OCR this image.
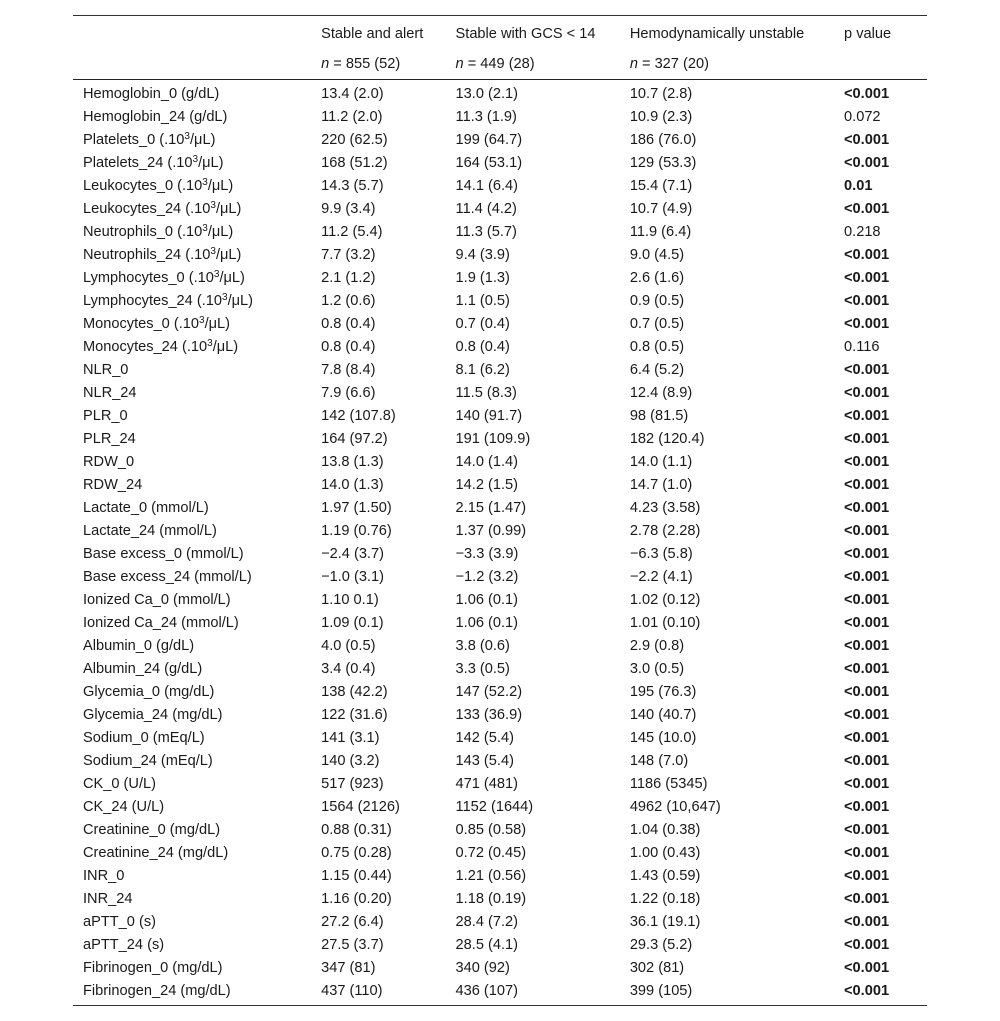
	Stable and alert	Stable with GCS < 14	Hemodynamically unstable	p value
	n = 855 (52)	n = 449 (28)	n = 327 (20)	
Hemoglobin_0 (g/dL)	13.4 (2.0)	13.0 (2.1)	10.7 (2.8)	<0.001
Hemoglobin_24 (g/dL)	11.2 (2.0)	11.3 (1.9)	10.9 (2.3)	0.072
Platelets_0 $(.10^3/\mu L)$	220 (62.5)	199 (64.7)	186 (76.0)	<0.001
Platelets_24 $(.10^3/\mu L)$	168 (51.2)	164 (53.1)	129 (53.3)	<0.001
Leukocytes_0 $(.10^3/\mu L)$	14.3 (5.7)	14.1 (6.4)	15.4 (7.1)	0.01
Leukocytes_24 $(.10^3/\mu L)$	9.9 (3.4)	11.4 (4.2)	10.7 (4.9)	<0.001
Neutrophils_0 $(.10^3/\mu L)$	11.2 (5.4)	11.3 (5.7)	11.9 (6.4)	0.218
Neutrophils_24 $(.10^3/\mu L)$	7.7 (3.2)	9.4 (3.9)	9.0 (4.5)	<0.001
Lymphocytes_0 $(.10^3/\mu L)$	2.1 (1.2)	1.9 (1.3)	2.6 (1.6)	<0.001
Lymphocytes_24 $(.10^3/\mu L)$	1.2 (0.6)	1.1 (0.5)	0.9 (0.5)	<0.001
Monocytes_0 $(.10^3/\mu L)$	0.8 (0.4)	0.7 (0.4)	0.7 (0.5)	<0.001
Monocytes_24 $(.10^3/\mu L)$	0.8 (0.4)	0.8 (0.4)	0.8 (0.5)	0.116
NLR_0	7.8 (8.4)	8.1 (6.2)	6.4 (5.2)	<0.001
NLR_24	7.9 (6.6)	11.5 (8.3)	12.4 (8.9)	<0.001
PLR_0	142 (107.8)	140 (91.7)	98 (81.5)	<0.001
PLR_24	164 (97.2)	191 (109.9)	182 (120.4)	<0.001
RDW_0	13.8 (1.3)	14.0 (1.4)	14.0 (1.1)	<0.001
RDW_24	14.0 (1.3)	14.2 (1.5)	14.7 (1.0)	<0.001
Lactate_0 (mmol/L)	1.97 (1.50)	2.15 (1.47)	4.23 (3.58)	<0.001
Lactate_24 (mmol/L)	1.19 (0.76)	1.37 (0.99)	2.78 (2.28)	<0.001
Base excess_0 (mmol/L)	−2.4 (3.7)	−3.3 (3.9)	−6.3 (5.8)	<0.001
Base excess_24 (mmol/L)	−1.0 (3.1)	−1.2 (3.2)	−2.2 (4.1)	<0.001
Ionized Ca_0 (mmol/L)	1.10 0.1)	1.06 (0.1)	1.02 (0.12)	<0.001
Ionized Ca_24 (mmol/L)	1.09 (0.1)	1.06 (0.1)	1.01 (0.10)	<0.001
Albumin_0 (g/dL)	4.0 (0.5)	3.8 (0.6)	2.9 (0.8)	<0.001
Albumin_24 (g/dL)	3.4 (0.4)	3.3 (0.5)	3.0 (0.5)	<0.001
Glycemia_0 (mg/dL)	138 (42.2)	147 (52.2)	195 (76.3)	<0.001
Glycemia_24 (mg/dL)	122 (31.6)	133 (36.9)	140 (40.7)	<0.001
Sodium_0 (mEq/L)	141 (3.1)	142 (5.4)	145 (10.0)	<0.001
Sodium_24 (mEq/L)	140 (3.2)	143 (5.4)	148 (7.0)	<0.001
CK_0 (U/L)	517 (923)	471 (481)	1186 (5345)	<0.001
CK_24 (U/L)	1564 (2126)	1152 (1644)	4962 (10,647)	<0.001
Creatinine_0 (mg/dL)	0.88 (0.31)	0.85 (0.58)	1.04 (0.38)	<0.001
Creatinine_24 (mg/dL)	0.75 (0.28)	0.72 (0.45)	1.00 (0.43)	<0.001
INR_0	1.15 (0.44)	1.21 (0.56)	1.43 (0.59)	<0.001
INR_24	1.16 (0.20)	1.18 (0.19)	1.22 (0.18)	<0.001
aPTT_0 (s)	27.2 (6.4)	28.4 (7.2)	36.1 (19.1)	<0.001
aPTT_24 (s)	27.5 (3.7)	28.5 (4.1)	29.3 (5.2)	<0.001
Fibrinogen_0 (mg/dL)	347 (81)	340 (92)	302 (81)	<0.001
Fibrinogen_24 (mg/dL)	437 (110)	436 (107)	399 (105)	<0.001
